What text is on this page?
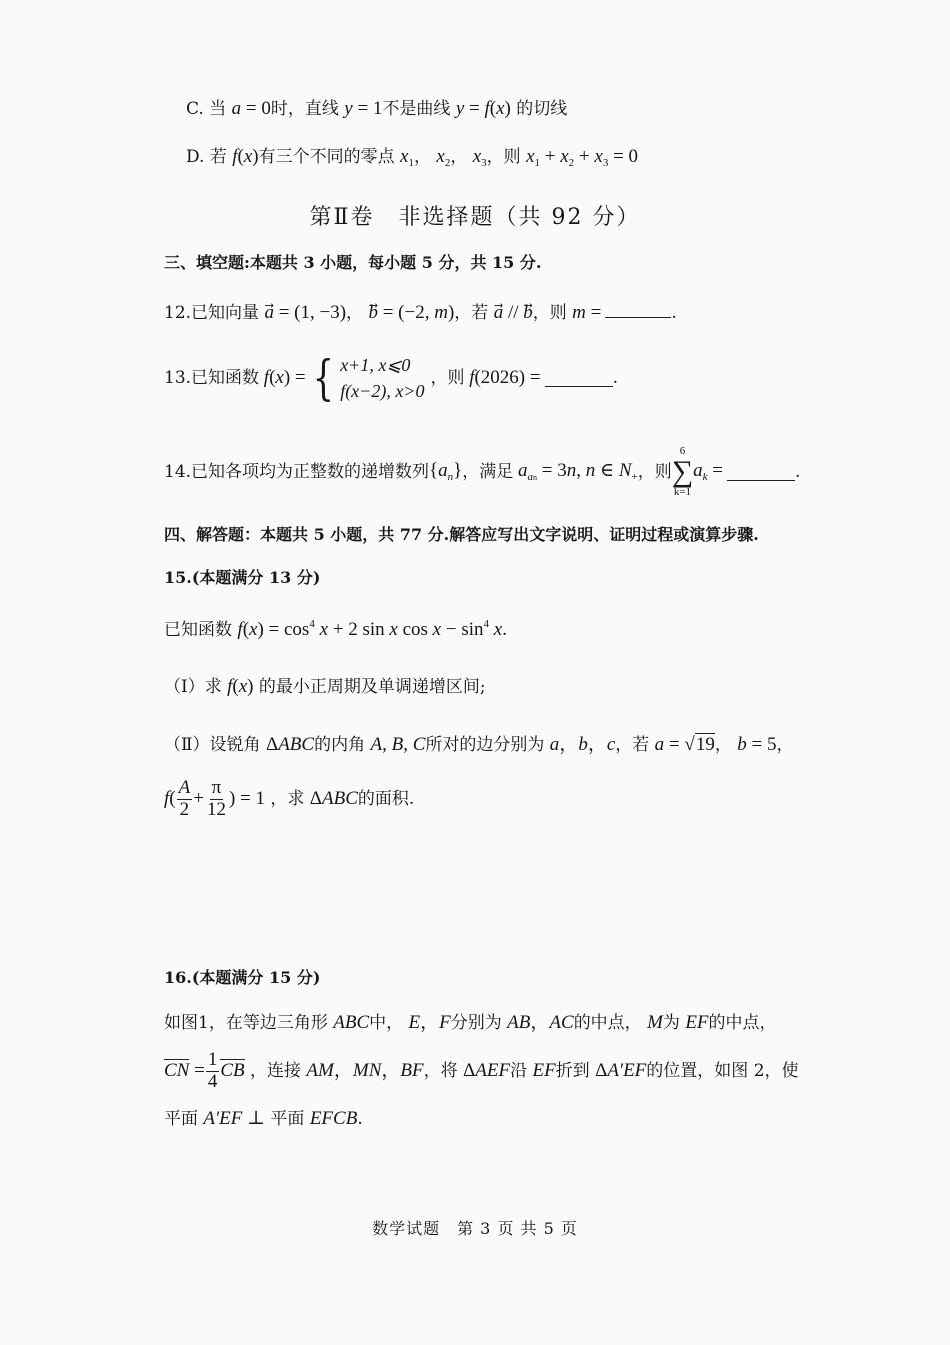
C. 当 a = 0时，直线 y = 1不是曲线 y = f(x) 的切线
D. 若 f(x)有三个不同的零点 $x_1$， $x_2$， $x_3$，则 $x_1 + x_2 + x_3 = 0$
第Ⅱ卷　非选择题（共 92 分）
三、填空题:本题共 3 小题，每小题 5 分，共 15 分.
12.已知向量 a⃗ = (1, −3)， b⃗ = (−2, m)，若 a⃗ // b，则 m =	.
13. 已知函数 f(x) = { x+1, x⩽0
f(x−2), x>0
，则 f(2026) =	.
14. 已知各项均为正整数的递增数列 $\{a_n\}$ ，满足 $a_{an} = 3n$, n ∈ $N_+$ ，则
6
∑
k=1
$a_k$ =	.
四、解答题：本题共 5 小题，共 77 分.解答应写出文字说明、证明过程或演算步骤.
15.(本题满分 13 分)
已知函数 $f(x) = \cos^4 x + 2$ sin x $\cos x - \sin^4 x$.
（Ⅰ）求 f(x) 的最小正周期及单调递增区间;
（Ⅱ）设锐角 ΔABC的内角 A, B, C所对的边分别为 a，b，c，若 a = √19， b = 5，
f ( $\frac{A}{2} + \frac{\pi}{12}$ ) = 1 ，求 ΔABC的面积.
16.(本题满分 15 分)
如图1，在等边三角形 ABC中， E，F分别为 AB，AC的中点， M为 EF的中点，
CN = $\frac{1}{4}$ CB ，连接 AM，MN，BF，将 ΔAEF沿 EF折到 ΔA′EF的位置，如图 2，使
平面 A′EF ⊥ 平面 EFCB.
数学试题　第 3 页 共 5 页
